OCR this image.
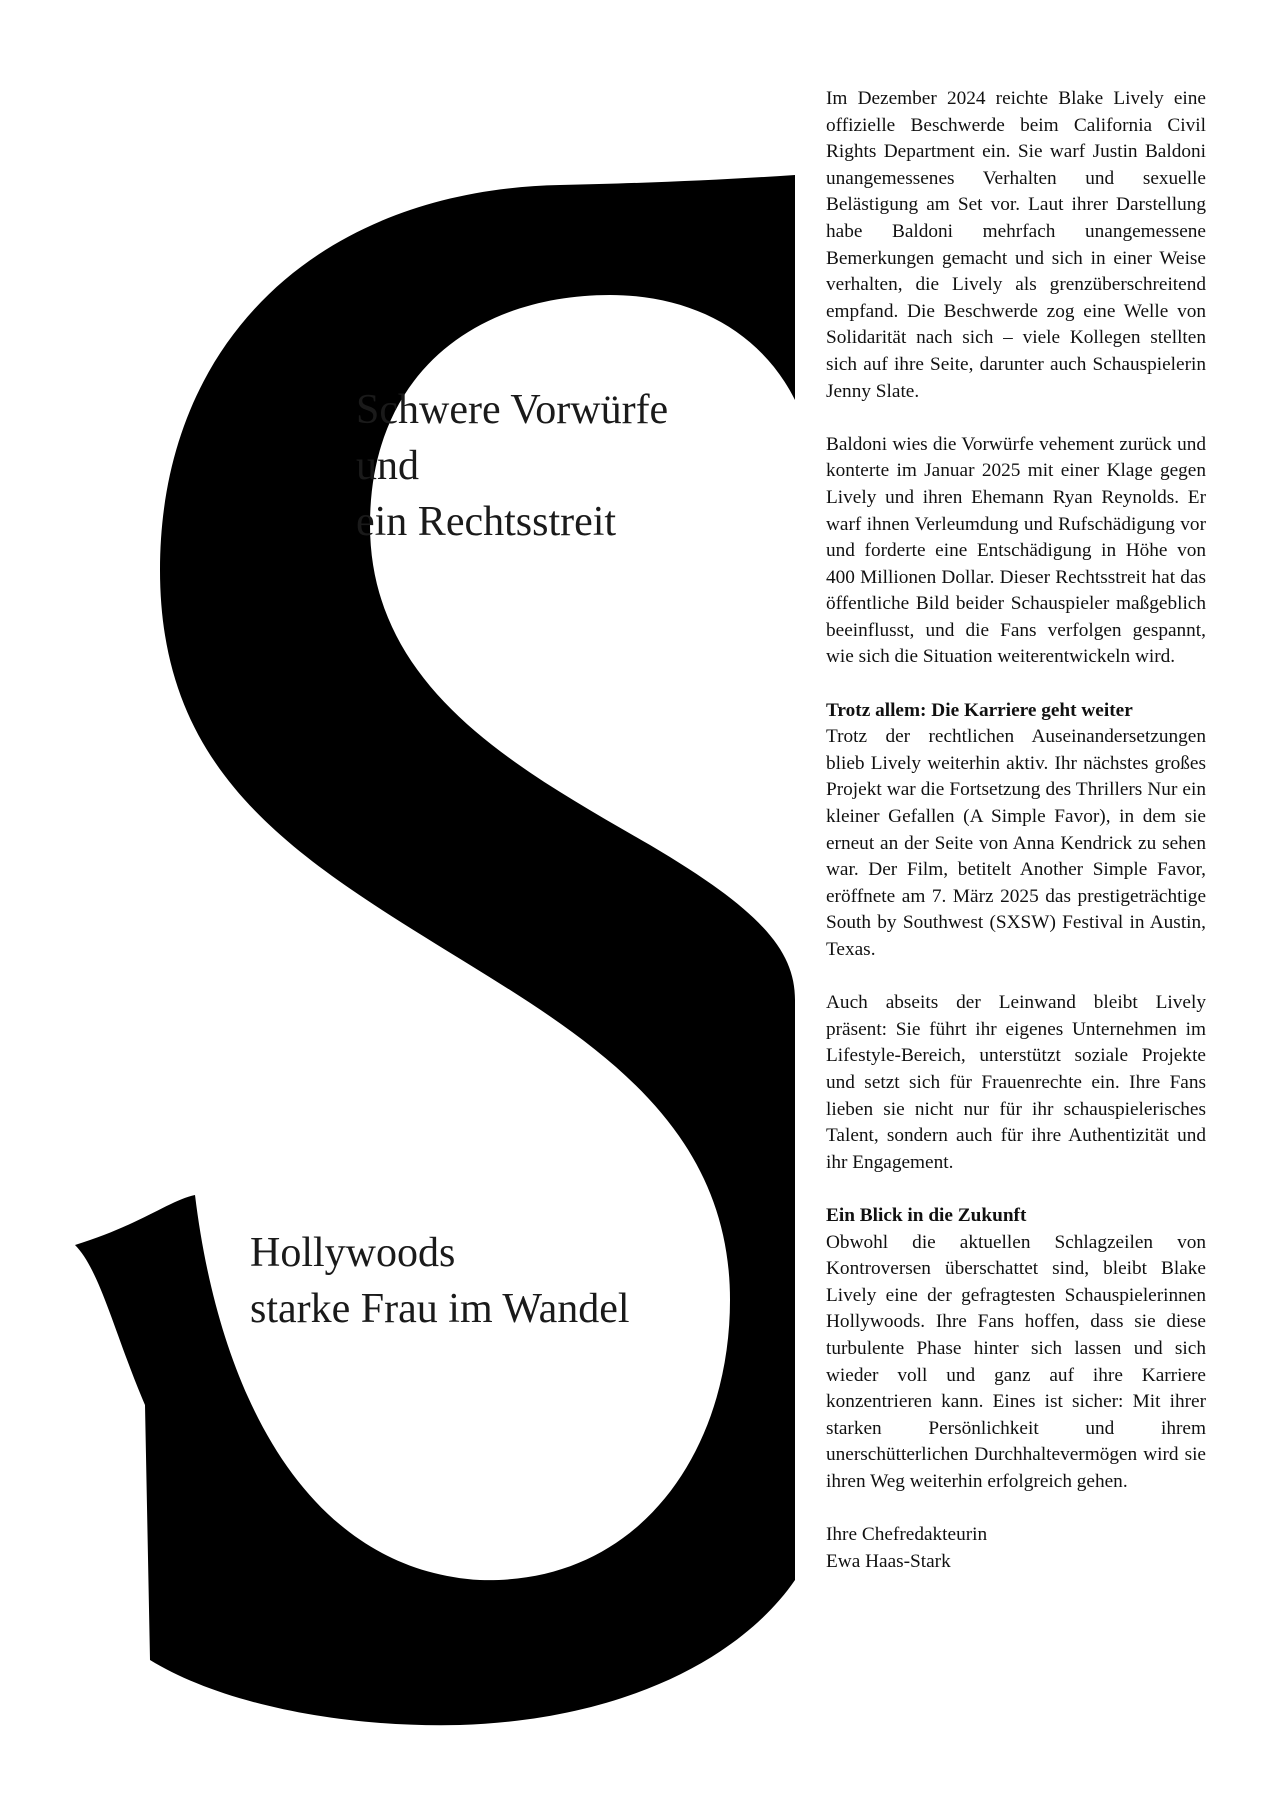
Schwere Vorwürfe
und
ein Rechtsstreit
Hollywoods
starke Frau im Wandel

Im Dezember 2024 reichte Blake Lively eine offizielle Beschwerde beim California Civil Rights Department ein. Sie warf Justin Baldoni unangemessenes Verhalten und sexuelle Belästigung am Set vor. Laut ihrer Darstellung habe Baldoni mehrfach unangemessene Bemerkungen gemacht und sich in einer Weise verhalten, die Lively als grenzüberschreitend empfand. Die Beschwerde zog eine Welle von Solidarität nach sich – viele Kollegen stellten sich auf ihre Seite, darunter auch Schauspielerin Jenny Slate.

Baldoni wies die Vorwürfe vehement zurück und konterte im Januar 2025 mit einer Klage gegen Lively und ihren Ehemann Ryan Reynolds. Er warf ihnen Verleumdung und Rufschädigung vor und forderte eine Entschädigung in Höhe von 400 Millionen Dollar. Dieser Rechtsstreit hat das öffentliche Bild beider Schauspieler maßgeblich beeinflusst, und die Fans verfolgen gespannt, wie sich die Situation weiterentwickeln wird.

Trotz allem: Die Karriere geht weiter
Trotz der rechtlichen Auseinandersetzungen blieb Lively weiterhin aktiv. Ihr nächstes großes Projekt war die Fortsetzung des Thrillers Nur ein kleiner Gefallen (A Simple Favor), in dem sie erneut an der Seite von Anna Kendrick zu sehen war. Der Film, betitelt Another Simple Favor, eröffnete am 7. März 2025 das prestigeträchtige South by Southwest (SXSW) Festival in Austin, Texas.

Auch abseits der Leinwand bleibt Lively präsent: Sie führt ihr eigenes Unternehmen im Lifestyle-Bereich, unterstützt soziale Projekte und setzt sich für Frauenrechte ein. Ihre Fans lieben sie nicht nur für ihr schauspielerisches Talent, sondern auch für ihre Authentizität und ihr Engagement.

Ein Blick in die Zukunft
Obwohl die aktuellen Schlagzeilen von Kontroversen überschattet sind, bleibt Blake Lively eine der gefragtesten Schauspielerinnen Hollywoods. Ihre Fans hoffen, dass sie diese turbulente Phase hinter sich lassen und sich wieder voll und ganz auf ihre Karriere konzentrieren kann. Eines ist sicher: Mit ihrer starken Persönlichkeit und ihrem unerschütterlichen Durchhaltevermögen wird sie ihren Weg weiterhin erfolgreich gehen.

Ihre Chefredakteurin
Ewa Haas-Stark
